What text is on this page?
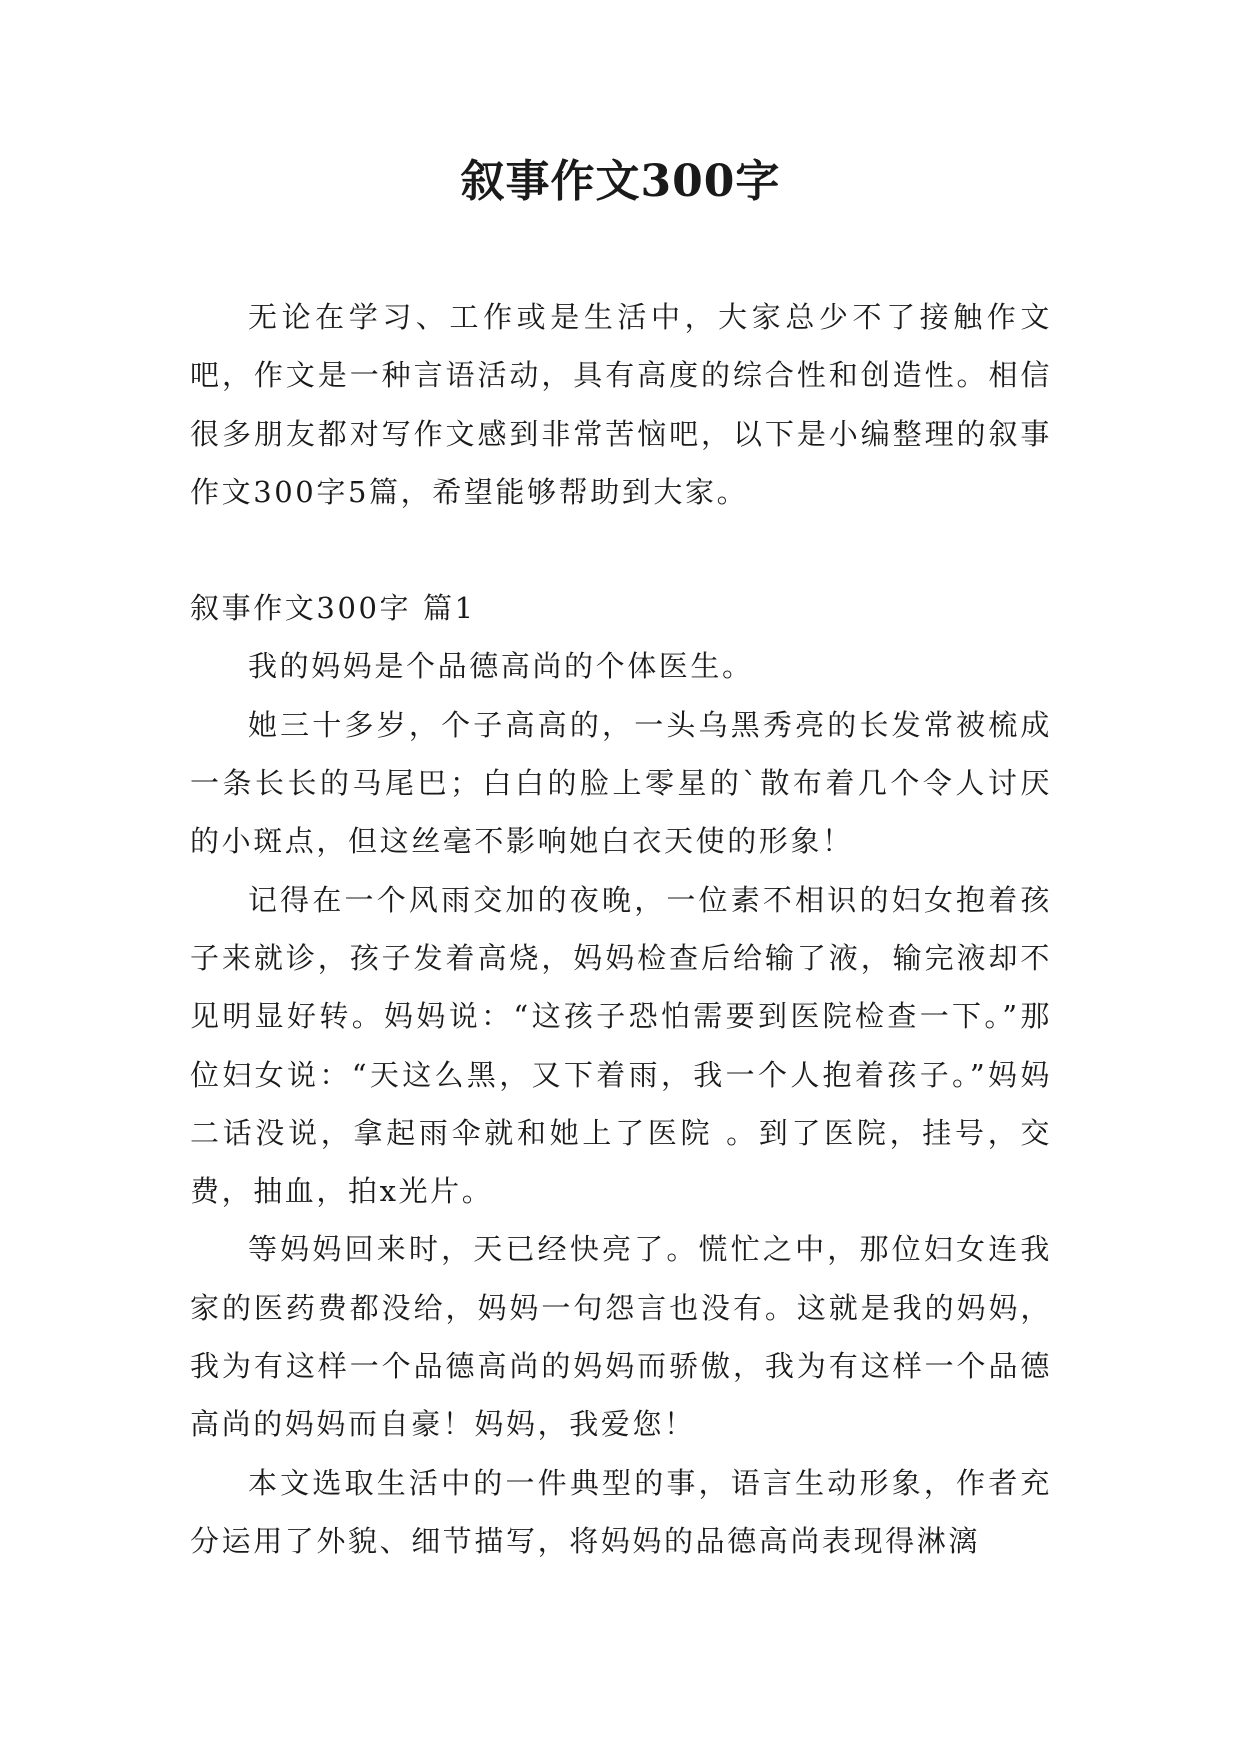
叙事作文300字

无论在学习、工作或是生活中，大家总少不了接触作文吧，作文是一种言语活动，具有高度的综合性和创造性。相信很多朋友都对写作文感到非常苦恼吧，以下是小编整理的叙事作文300字5篇，希望能够帮助到大家。

叙事作文300字 篇1

我的妈妈是个品德高尚的个体医生。

她三十多岁，个子高高的，一头乌黑秀亮的长发常被梳成一条长长的马尾巴；白白的脸上零星的`散布着几个令人讨厌的小斑点，但这丝毫不影响她白衣天使的形象！

记得在一个风雨交加的夜晚，一位素不相识的妇女抱着孩子来就诊，孩子发着高烧，妈妈检查后给输了液，输完液却不见明显好转。妈妈说：“这孩子恐怕需要到医院检查一下。”那位妇女说：“天这么黑，又下着雨，我一个人抱着孩子。”妈妈二话没说，拿起雨伞就和她上了医院 。到了医院，挂号，交费，抽血，拍x光片。

等妈妈回来时，天已经快亮了。慌忙之中，那位妇女连我家的医药费都没给，妈妈一句怨言也没有。这就是我的妈妈，我为有这样一个品德高尚的妈妈而骄傲，我为有这样一个品德高尚的妈妈而自豪！妈妈，我爱您！

本文选取生活中的一件典型的事，语言生动形象，作者充分运用了外貌、细节描写，将妈妈的品德高尚表现得淋漓
